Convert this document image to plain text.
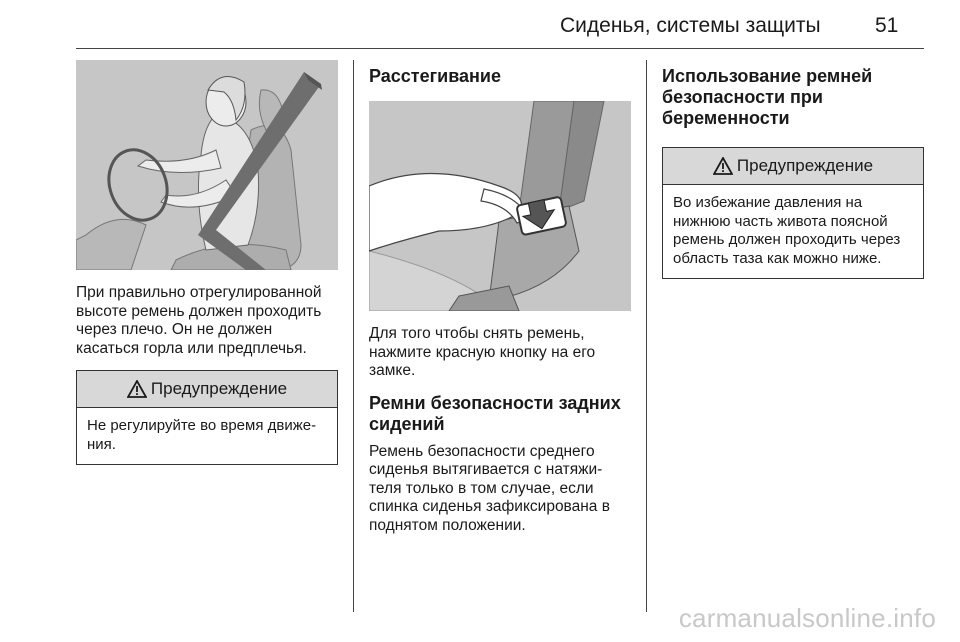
Сиденья, системы защиты	51

При правильно отрегулированной высоте ремень должен проходить через плечо. Он не должен касаться горла или предплечья.

Предупреждение
Не регулируйте во время движе-ния.

Расстегивание

Для того чтобы снять ремень, нажмите красную кнопку на его замке.

Ремни безопасности задних сидений

Ремень безопасности среднего сиденья вытягивается с натяжи-теля только в том случае, если спинка сиденья зафиксирована в поднятом положении.

Использование ремней безопасности при беременности

Предупреждение
Во избежание давления на нижнюю часть живота поясной ремень должен проходить через область таза как можно ниже.
carmanualsonline.info
